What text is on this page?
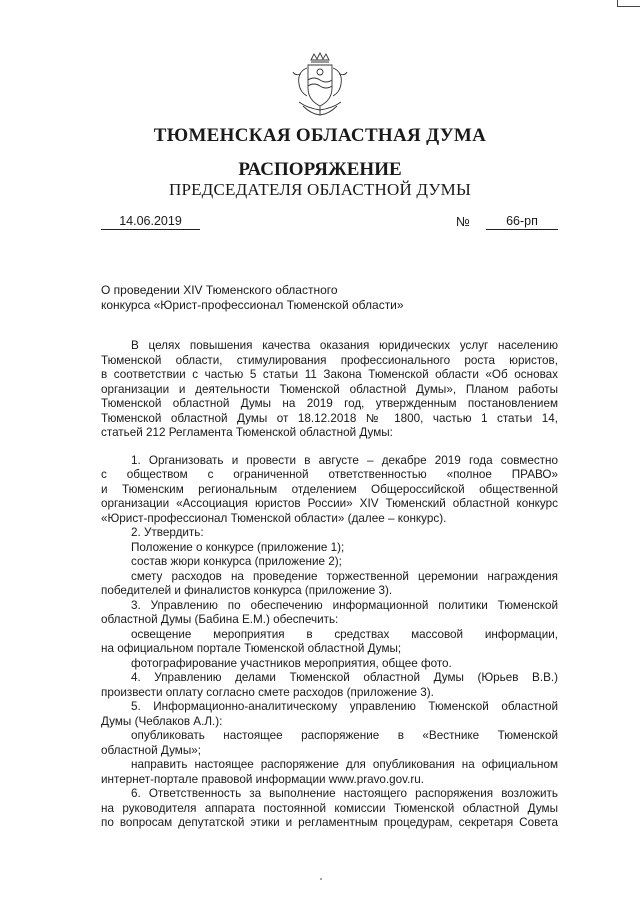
ТЮМЕНСКАЯ ОБЛАСТНАЯ ДУМА
РАСПОРЯЖЕНИЕ
ПРЕДСЕДАТЕЛЯ ОБЛАСТНОЙ ДУМЫ
14.06.2019	№	66-рп
О проведении XIV Тюменского областного
конкурса «Юрист-профессионал Тюменской области»
В целях повышения качества оказания юридических услуг населению
Тюменской области, стимулирования профессионального роста юристов,
в соответствии с частью 5 статьи 11 Закона Тюменской области «Об основах
организации и деятельности Тюменской областной Думы», Планом работы
Тюменской областной Думы на 2019 год, утвержденным постановлением
Тюменской областной Думы от 18.12.2018 № 1800, частью 1 статьи 14,
статьей 212 Регламента Тюменской областной Думы:
1. Организовать и провести в августе – декабре 2019 года совместно
с обществом с ограниченной ответственностью «полное ПРАВО»
и Тюменским региональным отделением Общероссийской общественной
организации «Ассоциация юристов России» XIV Тюменский областной конкурс
«Юрист-профессионал Тюменской области» (далее – конкурс).
2. Утвердить:
Положение о конкурсе (приложение 1);
состав жюри конкурса (приложение 2);
смету расходов на проведение торжественной церемонии награждения
победителей и финалистов конкурса (приложение 3).
3. Управлению по обеспечению информационной политики Тюменской
областной Думы (Бабина Е.М.) обеспечить:
освещение мероприятия в средствах массовой информации,
на официальном портале Тюменской областной Думы;
фотографирование участников мероприятия, общее фото.
4. Управлению делами Тюменской областной Думы (Юрьев В.В.)
произвести оплату согласно смете расходов (приложение 3).
5. Информационно-аналитическому управлению Тюменской областной
Думы (Чеблаков А.Л.):
опубликовать настоящее распоряжение в «Вестнике Тюменской
областной Думы»;
направить настоящее распоряжение для опубликования на официальном
интернет-портале правовой информации www.pravo.gov.ru.
6. Ответственность за выполнение настоящего распоряжения возложить
на руководителя аппарата постоянной комиссии Тюменской областной Думы
по вопросам депутатской этики и регламентным процедурам, секретаря Совета
